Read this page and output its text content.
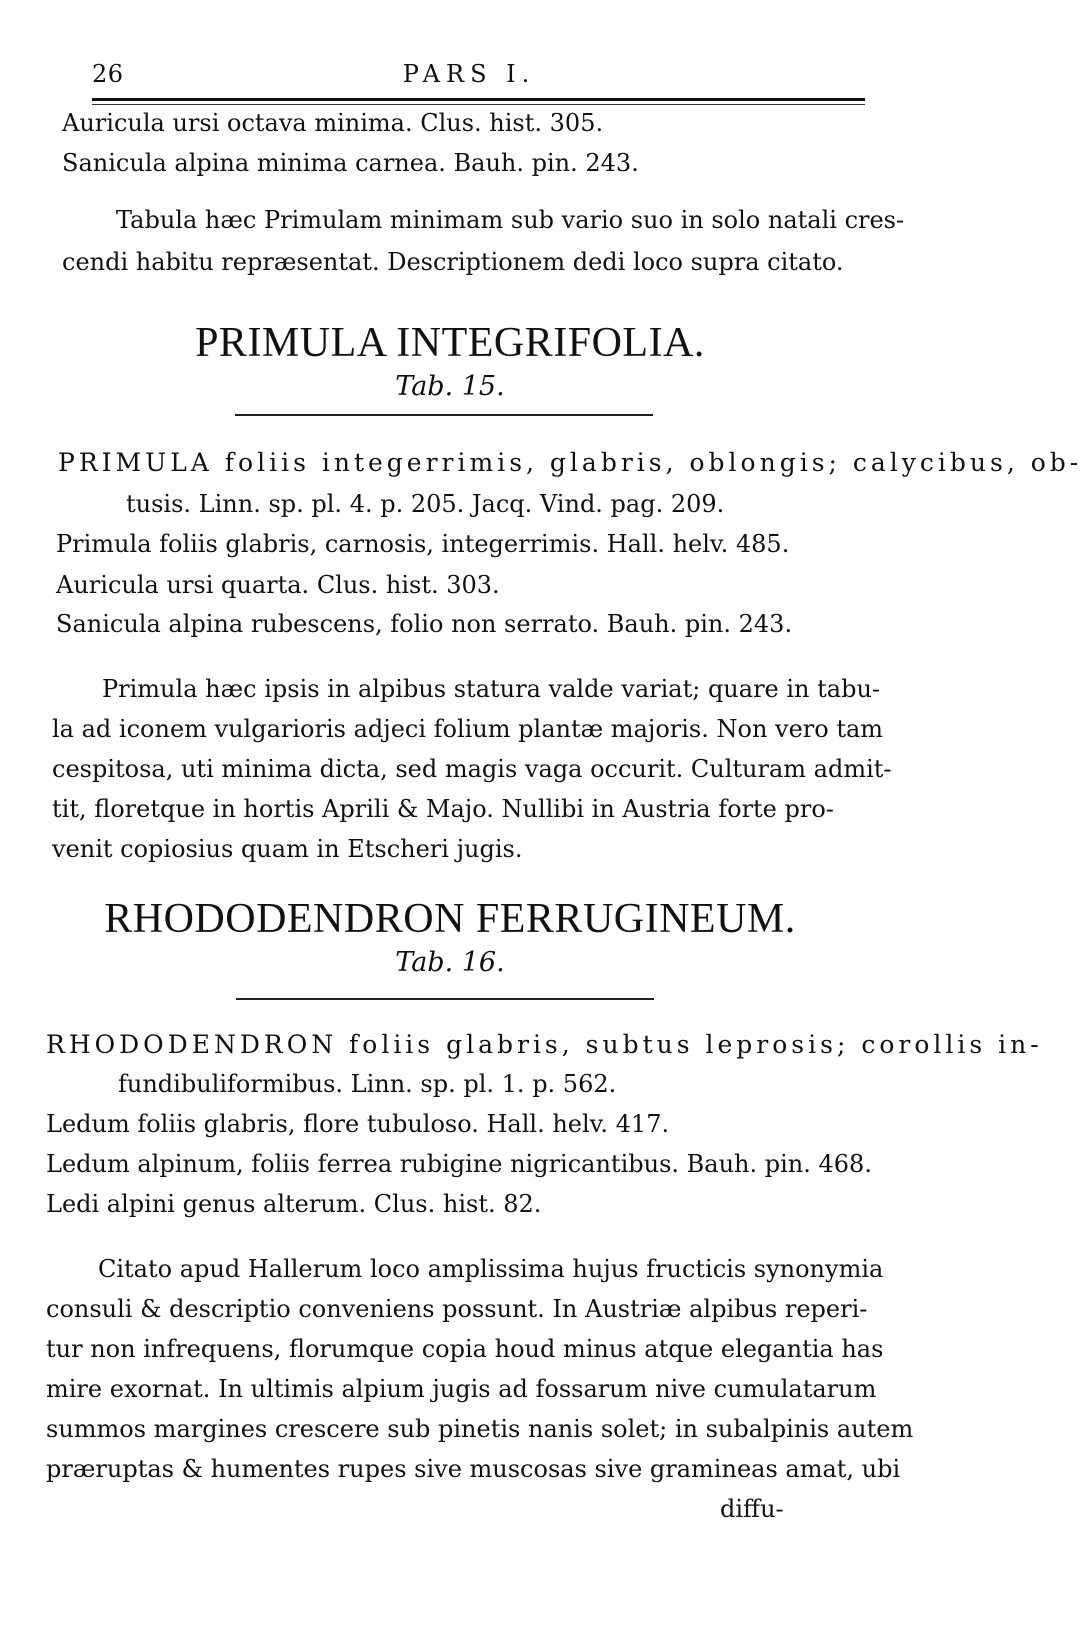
26	PARS I.
Auricula ursi octava minima. Clus. hist. 305.
Sanicula alpina minima carnea. Bauh. pin. 243.
Tabula hæc Primulam minimam sub vario suo in solo natali cres-
cendi habitu repræsentat. Descriptionem dedi loco supra citato.
PRIMULA INTEGRIFOLIA.
Tab. 15.
PRIMULA foliis integerrimis, glabris, oblongis; calycibus, ob-
tusis. Linn. sp. pl. 4. p. 205. Jacq. Vind. pag. 209.
Primula foliis glabris, carnosis, integerrimis. Hall. helv. 485.
Auricula ursi quarta. Clus. hist. 303.
Sanicula alpina rubescens, folio non serrato. Bauh. pin. 243.
Primula hæc ipsis in alpibus statura valde variat; quare in tabu-
la ad iconem vulgarioris adjeci folium plantæ majoris. Non vero tam
cespitosa, uti minima dicta, sed magis vaga occurit. Culturam admit-
tit, floretque in hortis Aprili & Majo. Nullibi in Austria forte pro-
venit copiosius quam in Etscheri jugis.
RHODODENDRON FERRUGINEUM.
Tab. 16.
RHODODENDRON foliis glabris, subtus leprosis; corollis in-
fundibuliformibus. Linn. sp. pl. 1. p. 562.
Ledum foliis glabris, flore tubuloso. Hall. helv. 417.
Ledum alpinum, foliis ferrea rubigine nigricantibus. Bauh. pin. 468.
Ledi alpini genus alterum. Clus. hist. 82.
Citato apud Hallerum loco amplissima hujus fructicis synonymia
consuli & descriptio conveniens possunt. In Austriæ alpibus reperi-
tur non infrequens, florumque copia houd minus atque elegantia has
mire exornat. In ultimis alpium jugis ad fossarum nive cumulatarum
summos margines crescere sub pinetis nanis solet; in subalpinis autem
præruptas & humentes rupes sive muscosas sive gramineas amat, ubi
diffu-
